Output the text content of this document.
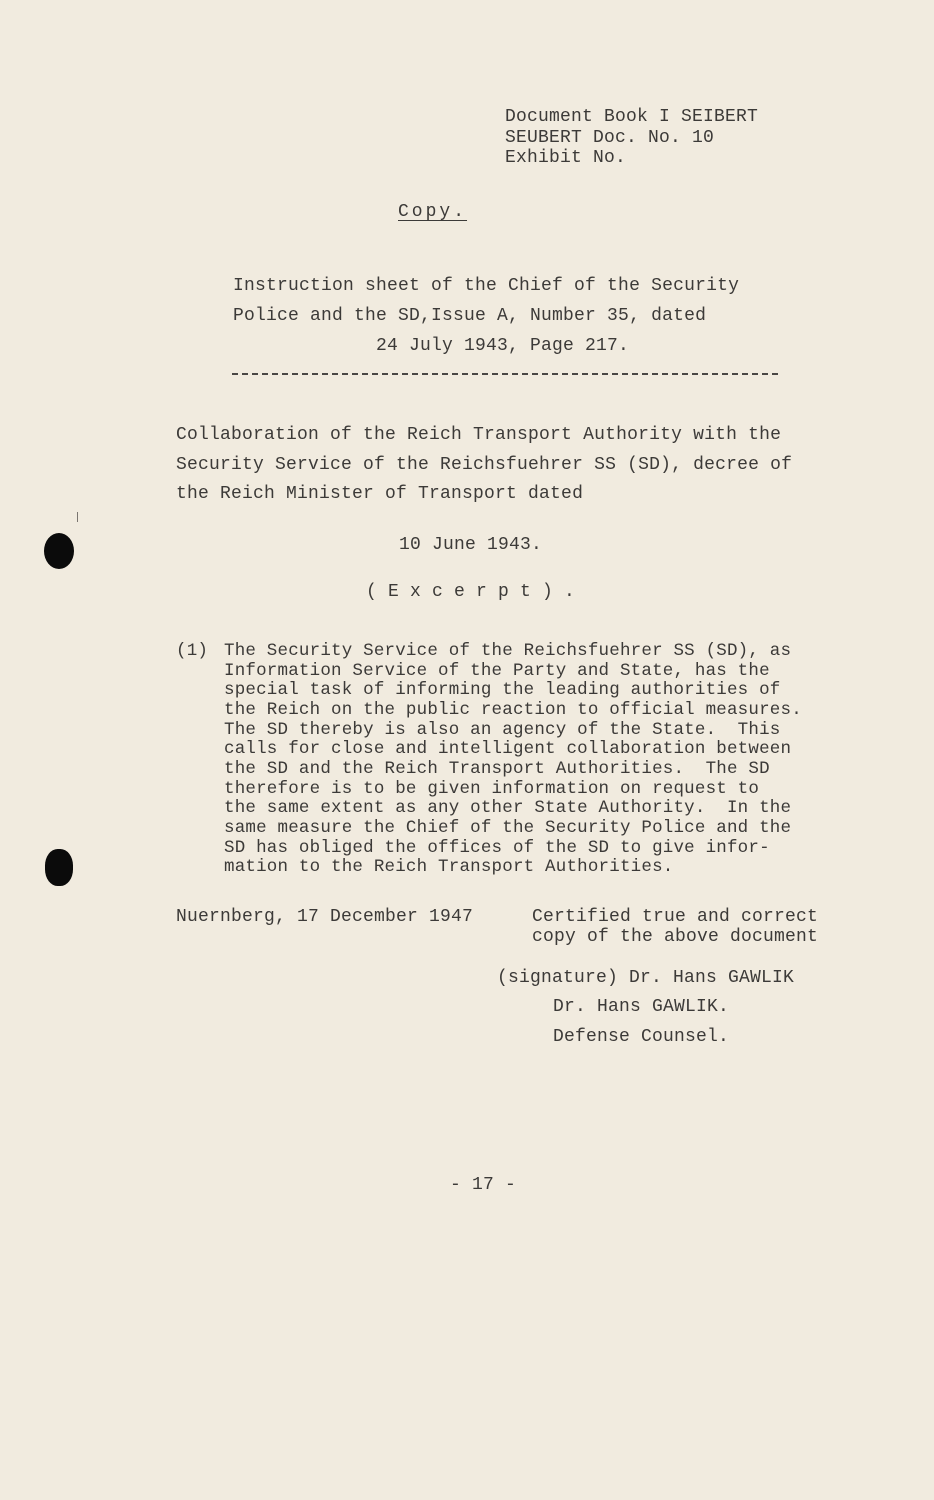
Document Book I SEIBERT
SEUBERT Doc. No. 10
Exhibit No.
Copy.
Instruction sheet of the Chief of the Security
Police and the SD,Issue A, Number 35, dated
24 July 1943, Page 217.
Collaboration of the Reich Transport Authority with the
Security Service of the Reichsfuehrer SS (SD), decree of
the Reich Minister of Transport dated
10 June 1943.
( E x c e r p t ) .
(1) The Security Service of the Reichsfuehrer SS (SD), as
Information Service of the Party and State, has the
special task of informing the leading authorities of
the Reich on the public reaction to official measures.
The SD thereby is also an agency of the State.  This
calls for close and intelligent collaboration between
the SD and the Reich Transport Authorities.  The SD
therefore is to be given information on request to
the same extent as any other State Authority.  In the
same measure the Chief of the Security Police and the
SD has obliged the offices of the SD to give infor-
mation to the Reich Transport Authorities.
Nuernberg, 17 December 1947	Certified true and correct
copy of the above document
(signature) Dr. Hans GAWLIK
Dr. Hans GAWLIK.
Defense Counsel.
- 17 -
